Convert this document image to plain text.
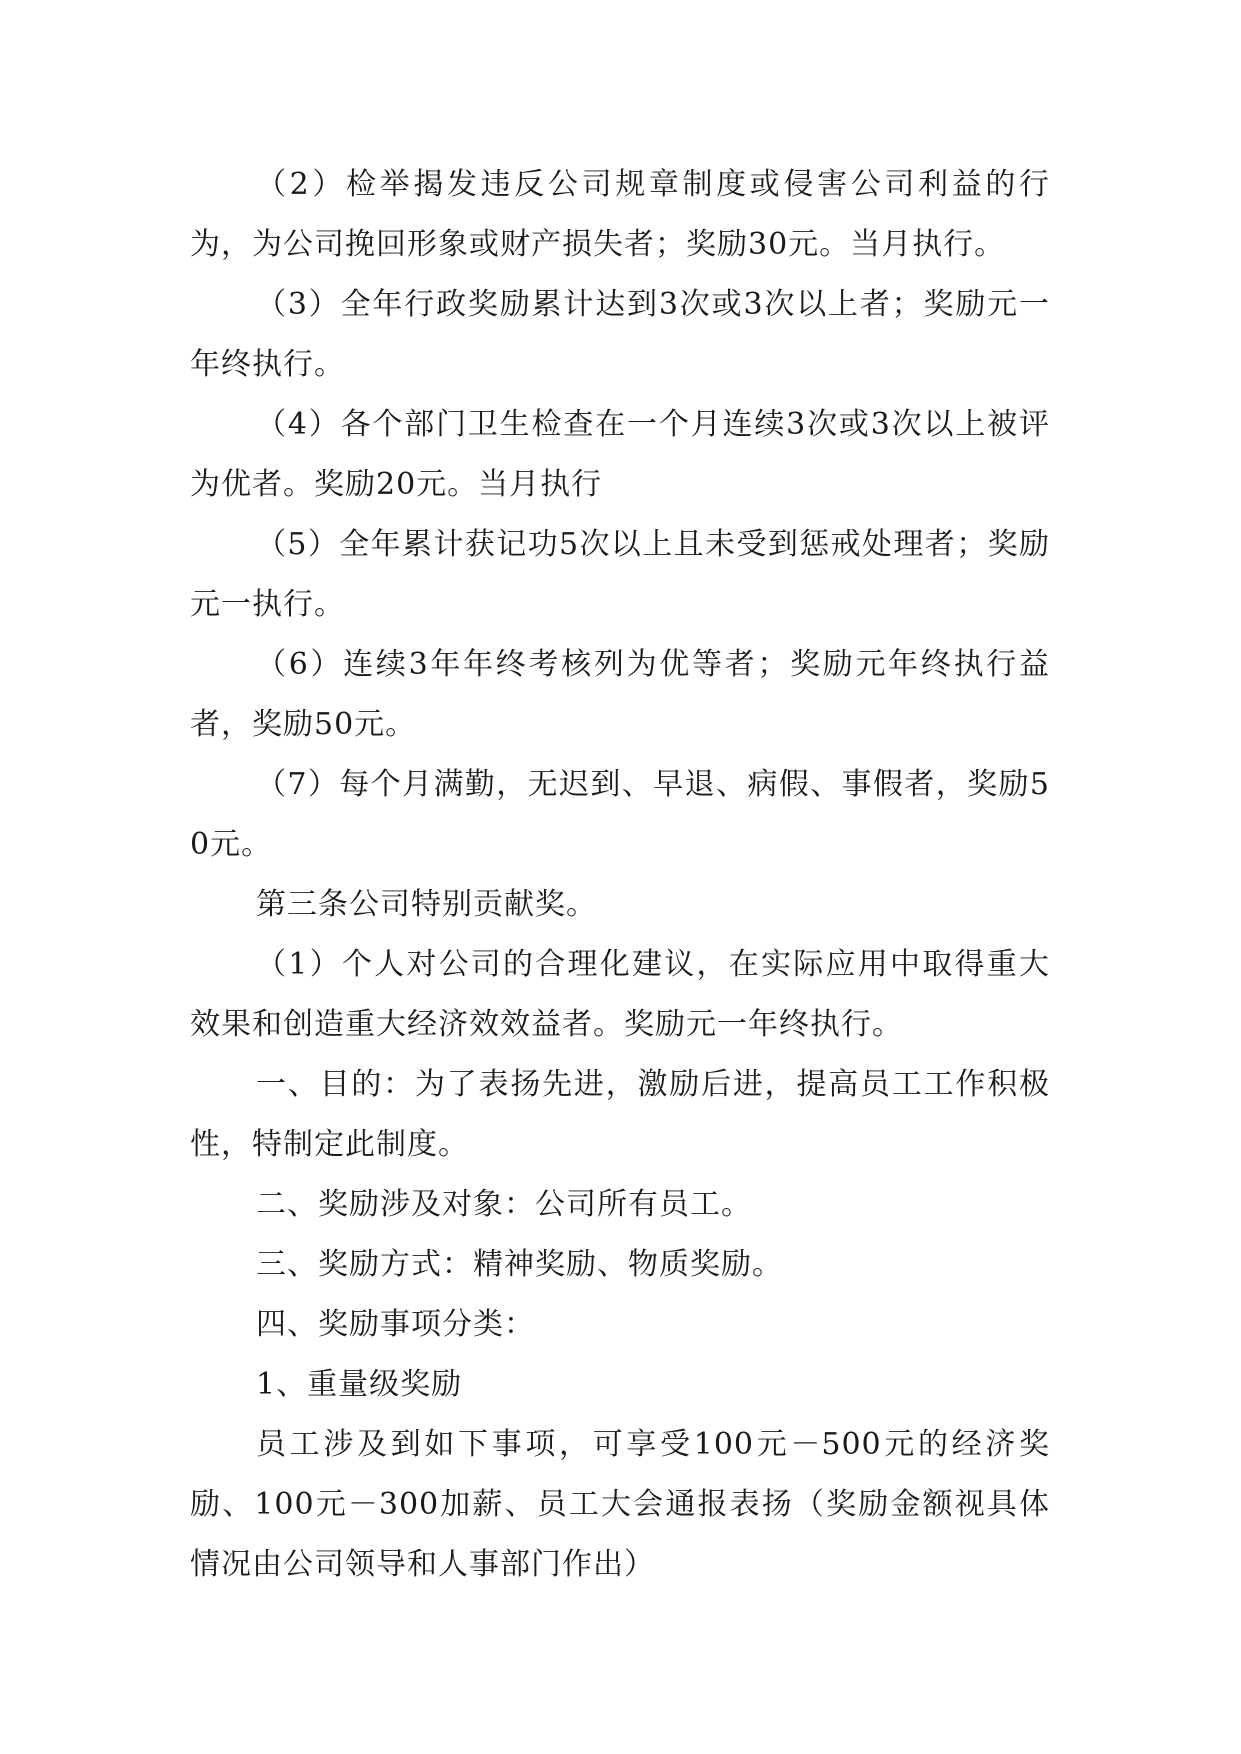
（2）检举揭发违反公司规章制度或侵害公司利益的行为，为公司挽回形象或财产损失者；奖励30元。当月执行。

（3）全年行政奖励累计达到3次或3次以上者；奖励元一年终执行。

（4）各个部门卫生检查在一个月连续3次或3次以上被评为优者。奖励20元。当月执行

（5）全年累计获记功5次以上且未受到惩戒处理者；奖励元一执行。

（6）连续3年年终考核列为优等者；奖励元年终执行益者，奖励50元。

（7）每个月满勤，无迟到、早退、病假、事假者，奖励50元。

第三条公司特别贡献奖。

（1）个人对公司的合理化建议，在实际应用中取得重大效果和创造重大经济效效益者。奖励元一年终执行。

一、目的：为了表扬先进，激励后进，提高员工工作积极性，特制定此制度。

二、奖励涉及对象：公司所有员工。

三、奖励方式：精神奖励、物质奖励。

四、奖励事项分类：

1、重量级奖励

员工涉及到如下事项，可享受100元－500元的经济奖励、100元－300加薪、员工大会通报表扬（奖励金额视具体情况由公司领导和人事部门作出）
